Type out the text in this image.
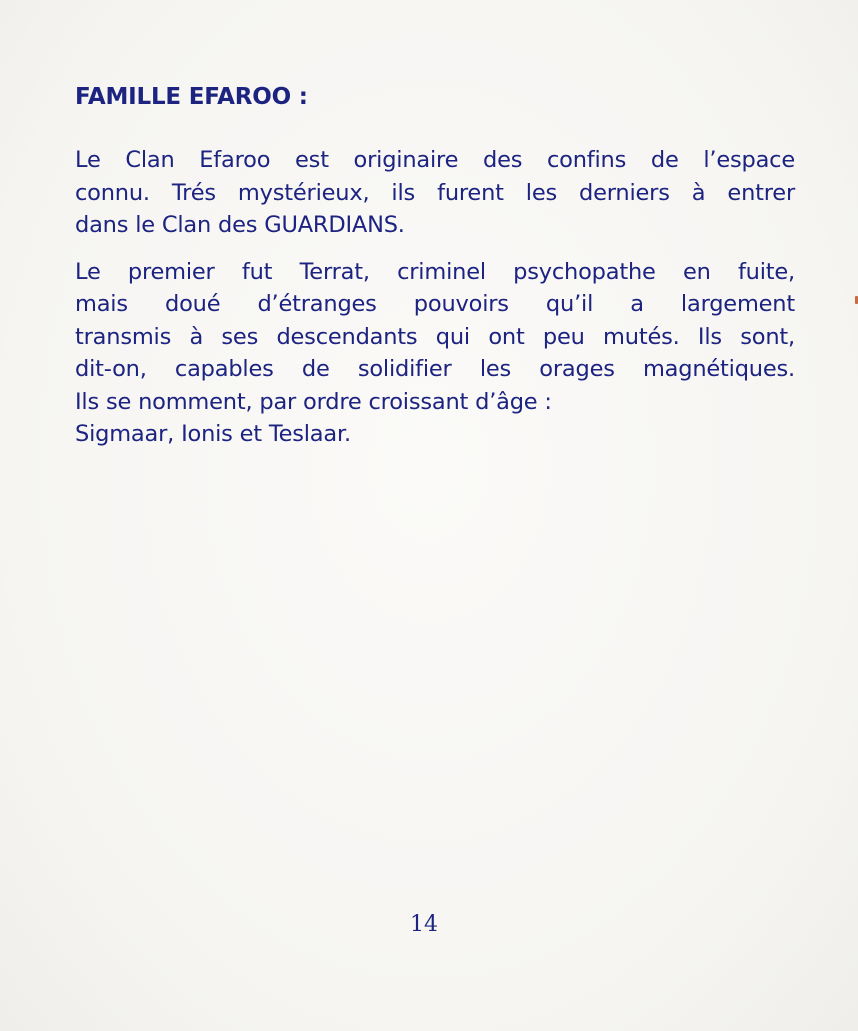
FAMILLE EFAROO :

Le Clan Efaroo est originaire des confins de l’espace
connu. Trés mystérieux, ils furent les derniers à entrer
dans le Clan des GUARDIANS.

Le premier fut Terrat, criminel psychopathe en fuite,
mais doué d’étranges pouvoirs qu’il a largement
transmis à ses descendants qui ont peu mutés. Ils sont,
dit-on, capables de solidifier les orages magnétiques.
Ils se nomment, par ordre croissant d’âge :
Sigmaar, Ionis et Teslaar.

14
